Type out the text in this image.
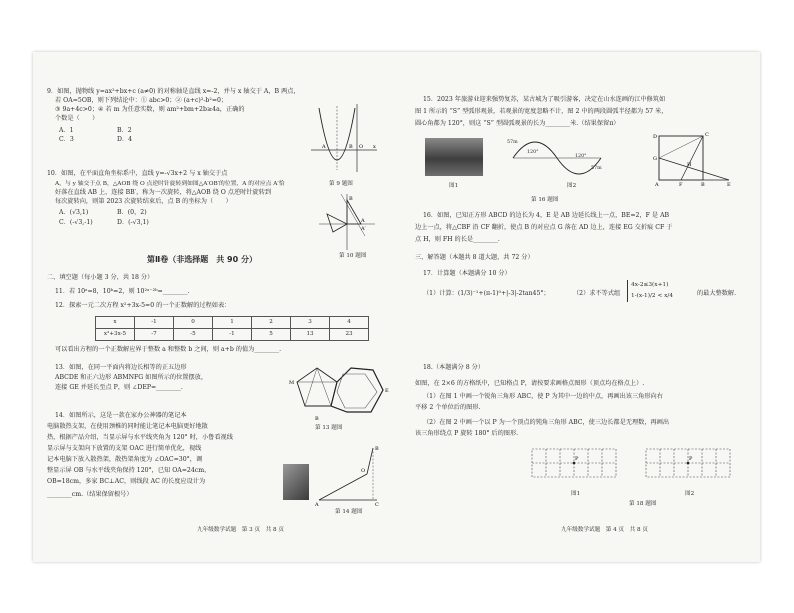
9．如图，抛物线 y=ax²+bx+c (a≠0) 的对称轴是直线 x=-2，并与 x 轴交于 A，B 两点，
若 OA=5OB，则下列结论中：① abc>0；② (a+c)²-b²=0；
③ 9a+4c>0；④ 若 m 为任意实数，则 am²+bm+2b≥4a，正确的
个数是（　　）
A．1	B．2
C．3	D．4
A	B O x
第 9 题图
10．如图，在平面直角坐标系中，直线 y=-√3x+2 与 x 轴交于点
A，与 y 轴交于点 B，△AOB 绕 O 点逆时针旋转到如图△A′OB′的位置，A 的对应点 A′恰
好落在直线 AB 上，连接 BB′，称为一次旋转，将△AOB 绕 O 点逆时针旋转到
每次旋转向，则第 2023 次旋转结束后，点 B 的坐标为（　　）
A．(√3,1)	B．(0，2)
C．(-√3,-1)	D．(-√3,1)
B
A′
A
第 10 题图
第Ⅱ卷（非选择题　共 90 分）
二、填空题（每小题 3 分，共 18 分）
11．若 10ᵃ=8，10ᵇ=2，则 10²ᵃ⁻²ᵇ=________.
12．探索一元二次方程 x²+3x-5=0 的一个正数解的过程如表：
x	-1	0	1	2	3	4
x²+3x-5	-7	-5	-1	5	13	23
可以看出方程的一个正数解应界于整数 a 和整数 b 之间，则 a+b 的值为________.
13．如图，在同一平面内将边长相等的正五边形
ABCDE 和正六边形 ABMNFG 如图所示的位置摆放，
连接 GE 并延长至点 P，则 ∠DEP=________.
M
B
E
第 13 题图
14．如图所示，这是一款在家办公神器的笔记本
电脑散热支架，在使用颈椎的同时能让笔记本电脑更好地散
热，根据产品介绍，当显示屏与水平线夹角为 120° 时，小鲁看视线
显示屏与支架向下放置的支架 OAC 进行简单优化，视线
记本电脑下放入散热架，散热架角度为 ∠OAC=30°，调
整显示屏 OB 与水平线夹角保持 120°，已知 OA=24cm，
OB=18cm，多家 BC⊥AC，则线段 AC 的长度应设计为
________cm.（结果保留根号）
A	C
B
O
第 14 题图
九年级数学试题　第 3 页　共 8 页
15．2023 年旅游业迎来强势复苏，某古城为了吸引游客，决定在山水连画的江中修筑如
图 1 所示的 “S” 型弧形观景，若观景的宽度忽略不计，图 2 中的两段圆弧半径都为 57 米，
圆心角都为 120°，则这 “S” 型圆弧观景的长为________米.（结果保留π）
图1
57m
120°
120°
57m
图2
D	C
G
A	F	B	E
H
第 16 题图
16．如图，已知正方形 ABCD 的边长为 4，E 是 AB 边延长线上一点，BE=2，F 是 AB
边上一点，将△CBF 沿 CF 翻折，使点 B 的对应点 G 落在 AD 边上，连接 EG 交折痕 CF 于
点 H，则 FH 的长是________.
三、解答题（本题共 8 道大题，共 72 分）
17．计算题（本题满分 10 分）
（1）计算：(1/3)⁻¹+(π-1)⁰+|-3|-2tan45°；	（2）求不等式组
4x-2≤3(x+1)
1-(x-1)/2 < x/4	的最大整数解.
18.（本题满分 8 分）
如图，在 2×6 的方格纸中，已知格点 P，请按要求画格点图形（顶点均在格点上）.
（1）在图 1 中画一个锐角三角形 ABC，使 P 为其中一边的中点，再画出该三角形向右
平移 2 个单位后的图形.
（2）在图 2 中画一个以 P 为一个顶点的钝角三角形 ABC，使三边长都是无理数，再画出
该三角形绕点 P 旋转 180° 后的图形.
P	P
图1	图2
第 18 题图
九年级数学试题　第 4 页　共 8 页
